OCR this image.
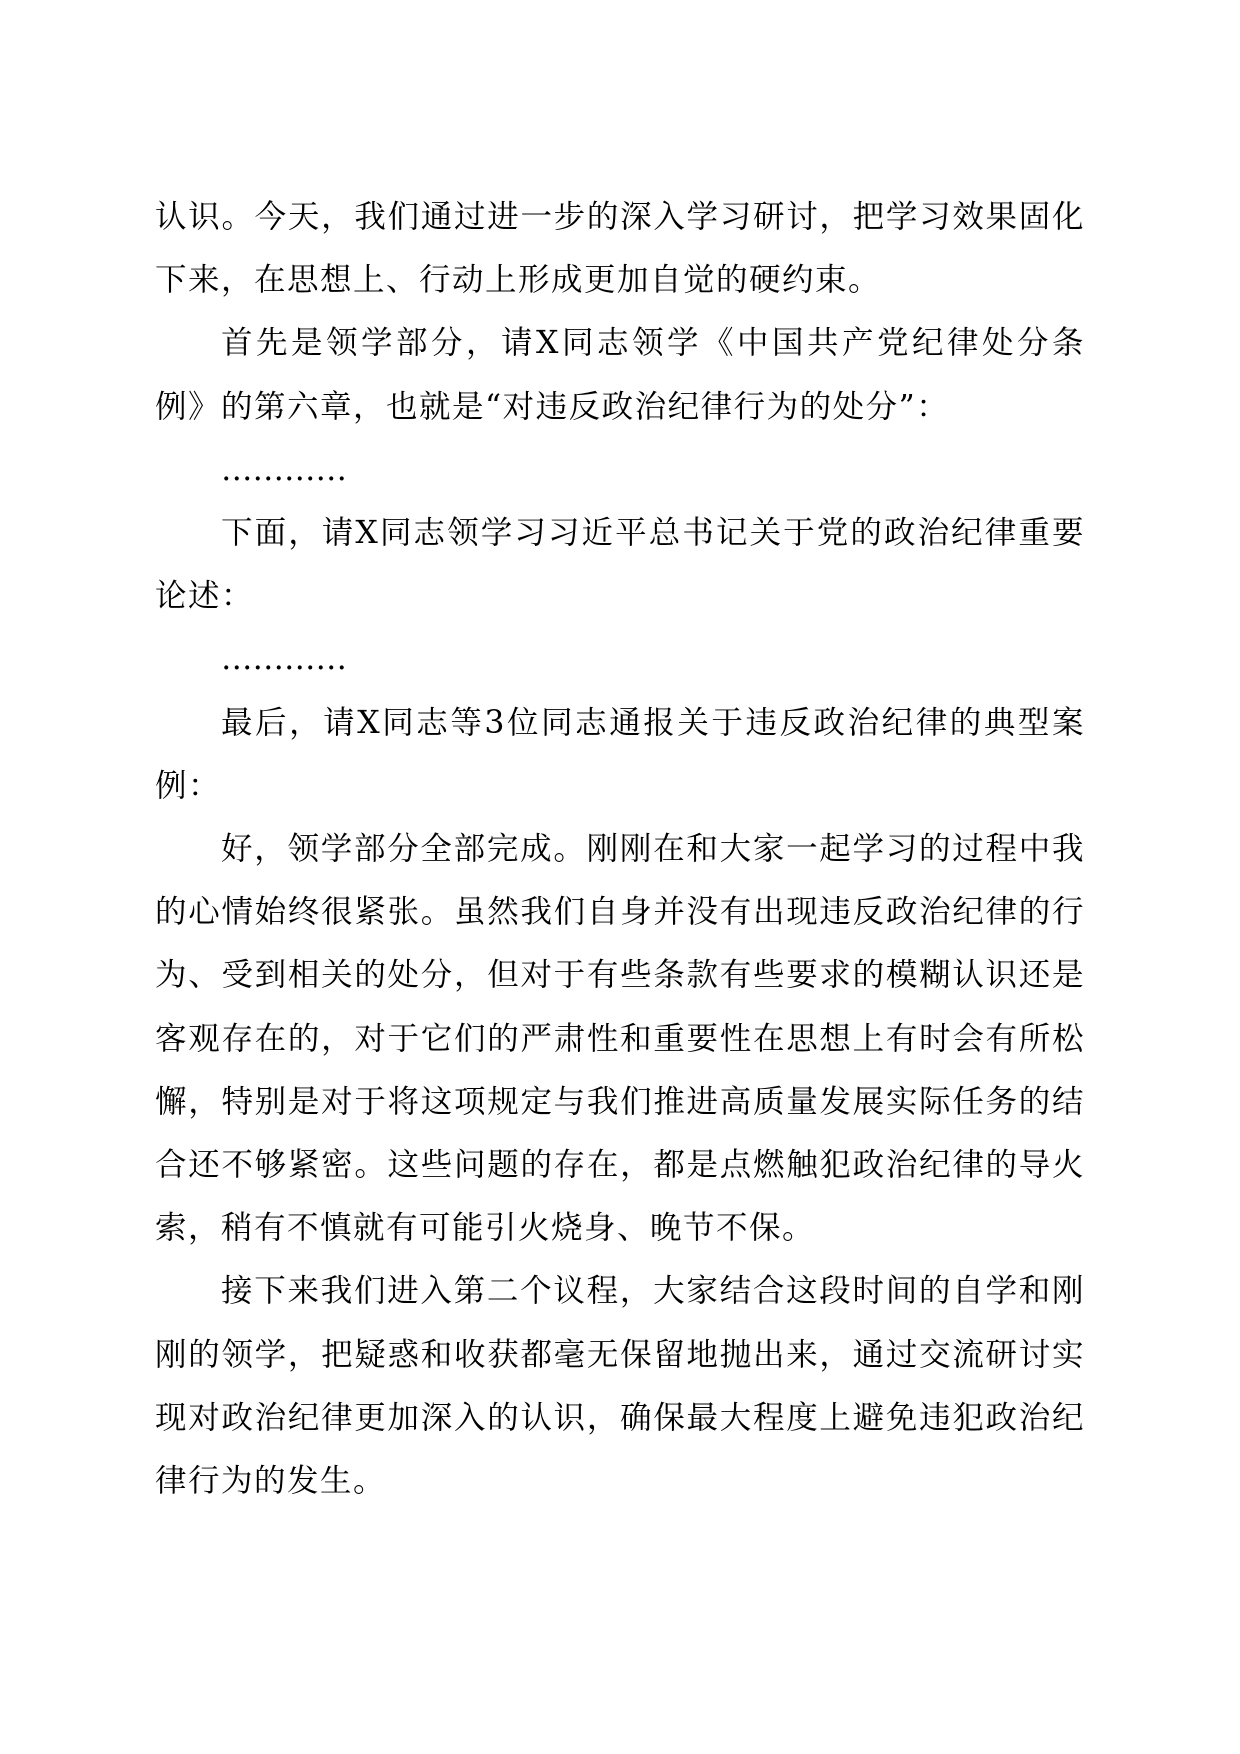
认识。今天，我们通过进一步的深入学习研讨，把学习效果固化下来，在思想上、行动上形成更加自觉的硬约束。

首先是领学部分，请X同志领学《中国共产党纪律处分条例》的第六章，也就是“对违反政治纪律行为的处分”：

…………

下面，请X同志领学习习近平总书记关于党的政治纪律重要论述：

…………

最后，请X同志等3位同志通报关于违反政治纪律的典型案例：

好，领学部分全部完成。刚刚在和大家一起学习的过程中我的心情始终很紧张。虽然我们自身并没有出现违反政治纪律的行为、受到相关的处分，但对于有些条款有些要求的模糊认识还是客观存在的，对于它们的严肃性和重要性在思想上有时会有所松懈，特别是对于将这项规定与我们推进高质量发展实际任务的结合还不够紧密。这些问题的存在，都是点燃触犯政治纪律的导火索，稍有不慎就有可能引火烧身、晚节不保。

接下来我们进入第二个议程，大家结合这段时间的自学和刚刚的领学，把疑惑和收获都毫无保留地抛出来，通过交流研讨实现对政治纪律更加深入的认识，确保最大程度上避免违犯政治纪律行为的发生。
